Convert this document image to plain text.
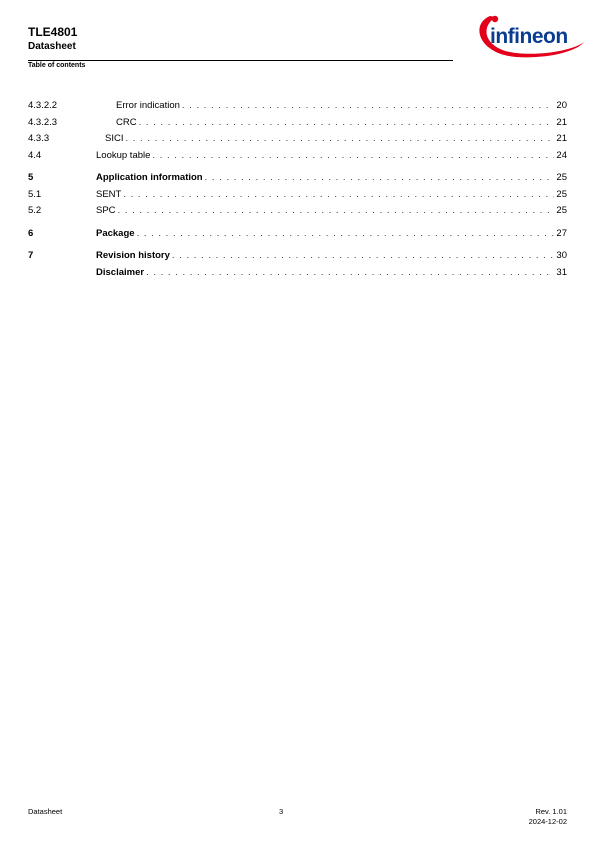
TLE4801
Datasheet
Table of contents
infineon
4.3.2.2	Error indication . . .	20
4.3.2.3	CRC . . .	21
4.3.3	SICI . . .	21
4.4	Lookup table . . .	24
5	Application information . . .	25
5.1	SENT . . .	25
5.2	SPC . . .	25
6	Package . . .	27
7	Revision history . . .	30
Disclaimer . . .	31
Datasheet	3	Rev. 1.01
2024-12-02
